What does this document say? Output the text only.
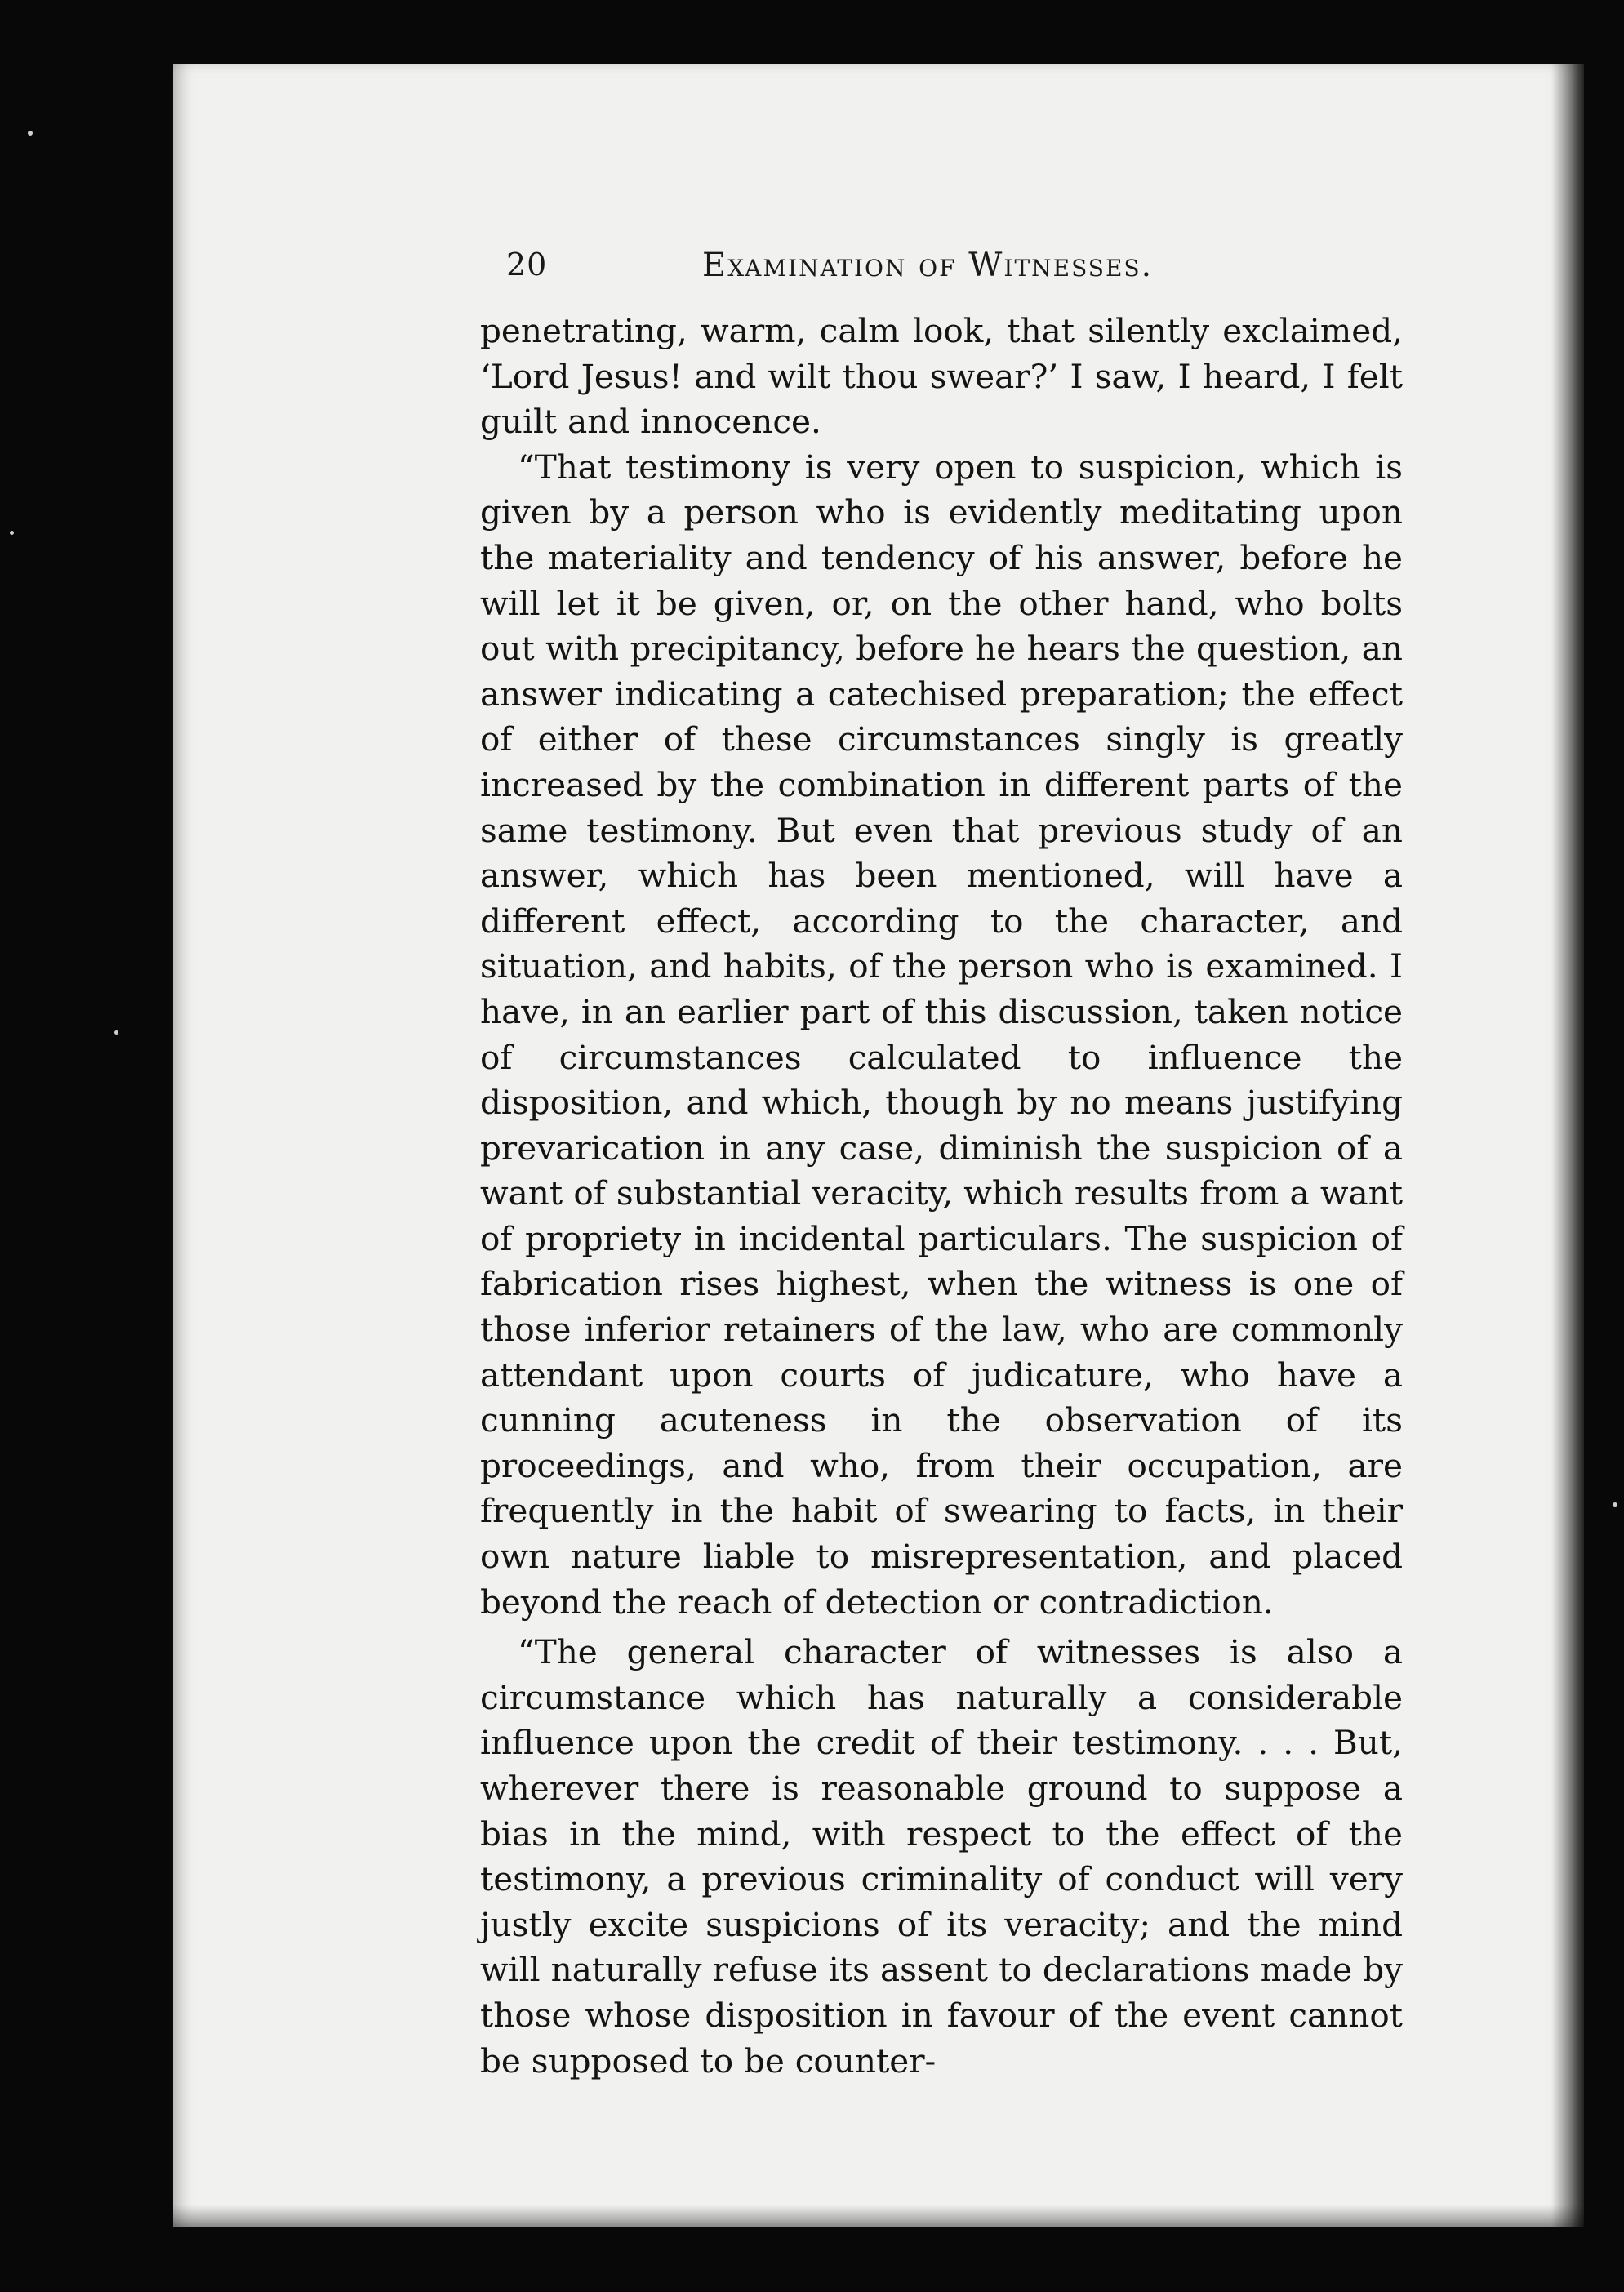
20	Examination of Witnesses.

penetrating, warm, calm look, that silently exclaimed, ‘Lord Jesus! and wilt thou swear?’ I saw, I heard, I felt guilt and innocence.

“That testimony is very open to suspicion, which is given by a person who is evidently meditating upon the materiality and tendency of his answer, before he will let it be given, or, on the other hand, who bolts out with precipitancy, before he hears the question, an answer indicating a catechised preparation; the effect of either of these circumstances singly is greatly increased by the combination in different parts of the same testimony. But even that previous study of an answer, which has been mentioned, will have a different effect, according to the character, and situation, and habits, of the person who is examined. I have, in an earlier part of this discussion, taken notice of circumstances calculated to influence the disposition, and which, though by no means justifying prevarication in any case, diminish the suspicion of a want of substantial veracity, which results from a want of propriety in incidental particulars. The suspicion of fabrication rises highest, when the witness is one of those inferior retainers of the law, who are commonly attendant upon courts of judicature, who have a cunning acuteness in the observation of its proceedings, and who, from their occupation, are frequently in the habit of swearing to facts, in their own nature liable to misrepresentation, and placed beyond the reach of detection or contradiction.

“The general character of witnesses is also a circumstance which has naturally a considerable influence upon the credit of their testimony. . . . But, wherever there is reasonable ground to suppose a bias in the mind, with respect to the effect of the testimony, a previous criminality of conduct will very justly excite suspicions of its veracity; and the mind will naturally refuse its assent to declarations made by those whose disposition in favour of the event cannot be supposed to be counter-
